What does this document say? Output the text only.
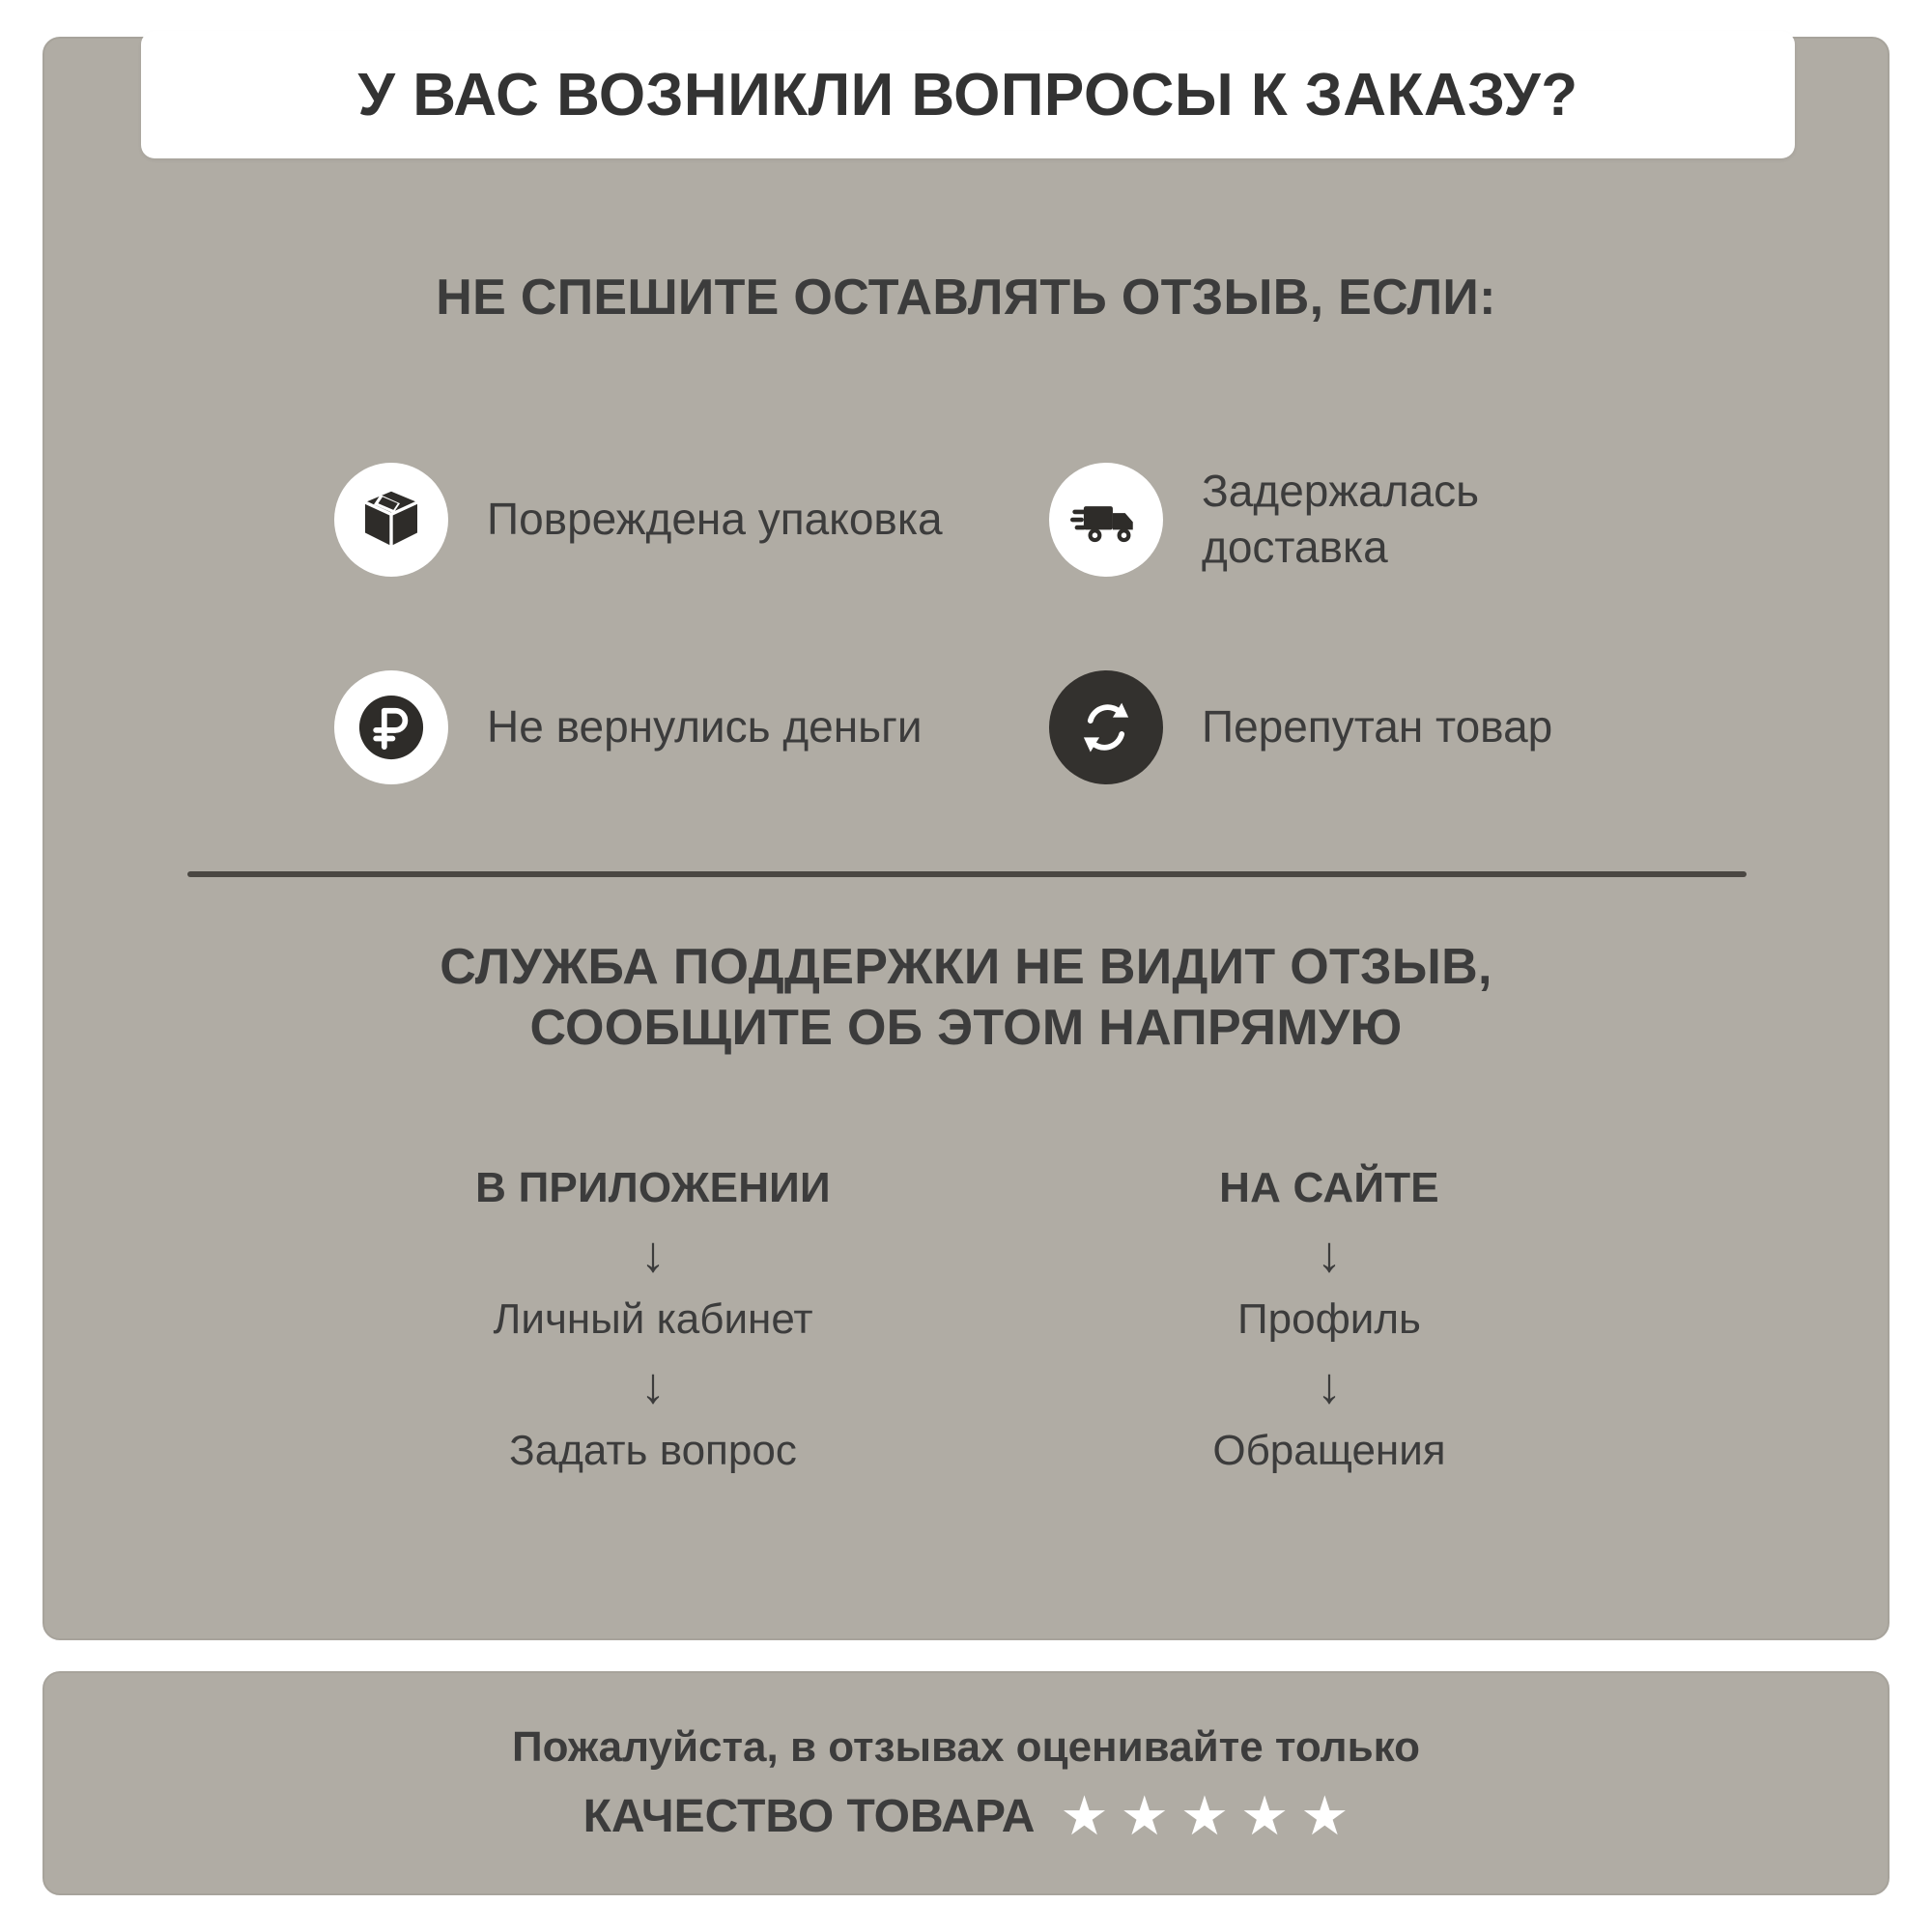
У ВАС ВОЗНИКЛИ ВОПРОСЫ К ЗАКАЗУ?
НЕ СПЕШИТЕ ОСТАВЛЯТЬ ОТЗЫВ, ЕСЛИ:
Повреждена упаковка
Задержалась доставка
Не вернулись деньги	Перепутан товар
СЛУЖБА ПОДДЕРЖКИ НЕ ВИДИТ ОТЗЫВ,
СООБЩИТЕ ОБ ЭТОМ НАПРЯМУЮ
В ПРИЛОЖЕНИИ
↓
Личный кабинет
↓
Задать вопрос
НА САЙТЕ
↓
Профиль
↓
Обращения
Пожалуйста, в отзывах оценивайте только
КАЧЕСТВО ТОВАРА ★ ★ ★ ★ ★
